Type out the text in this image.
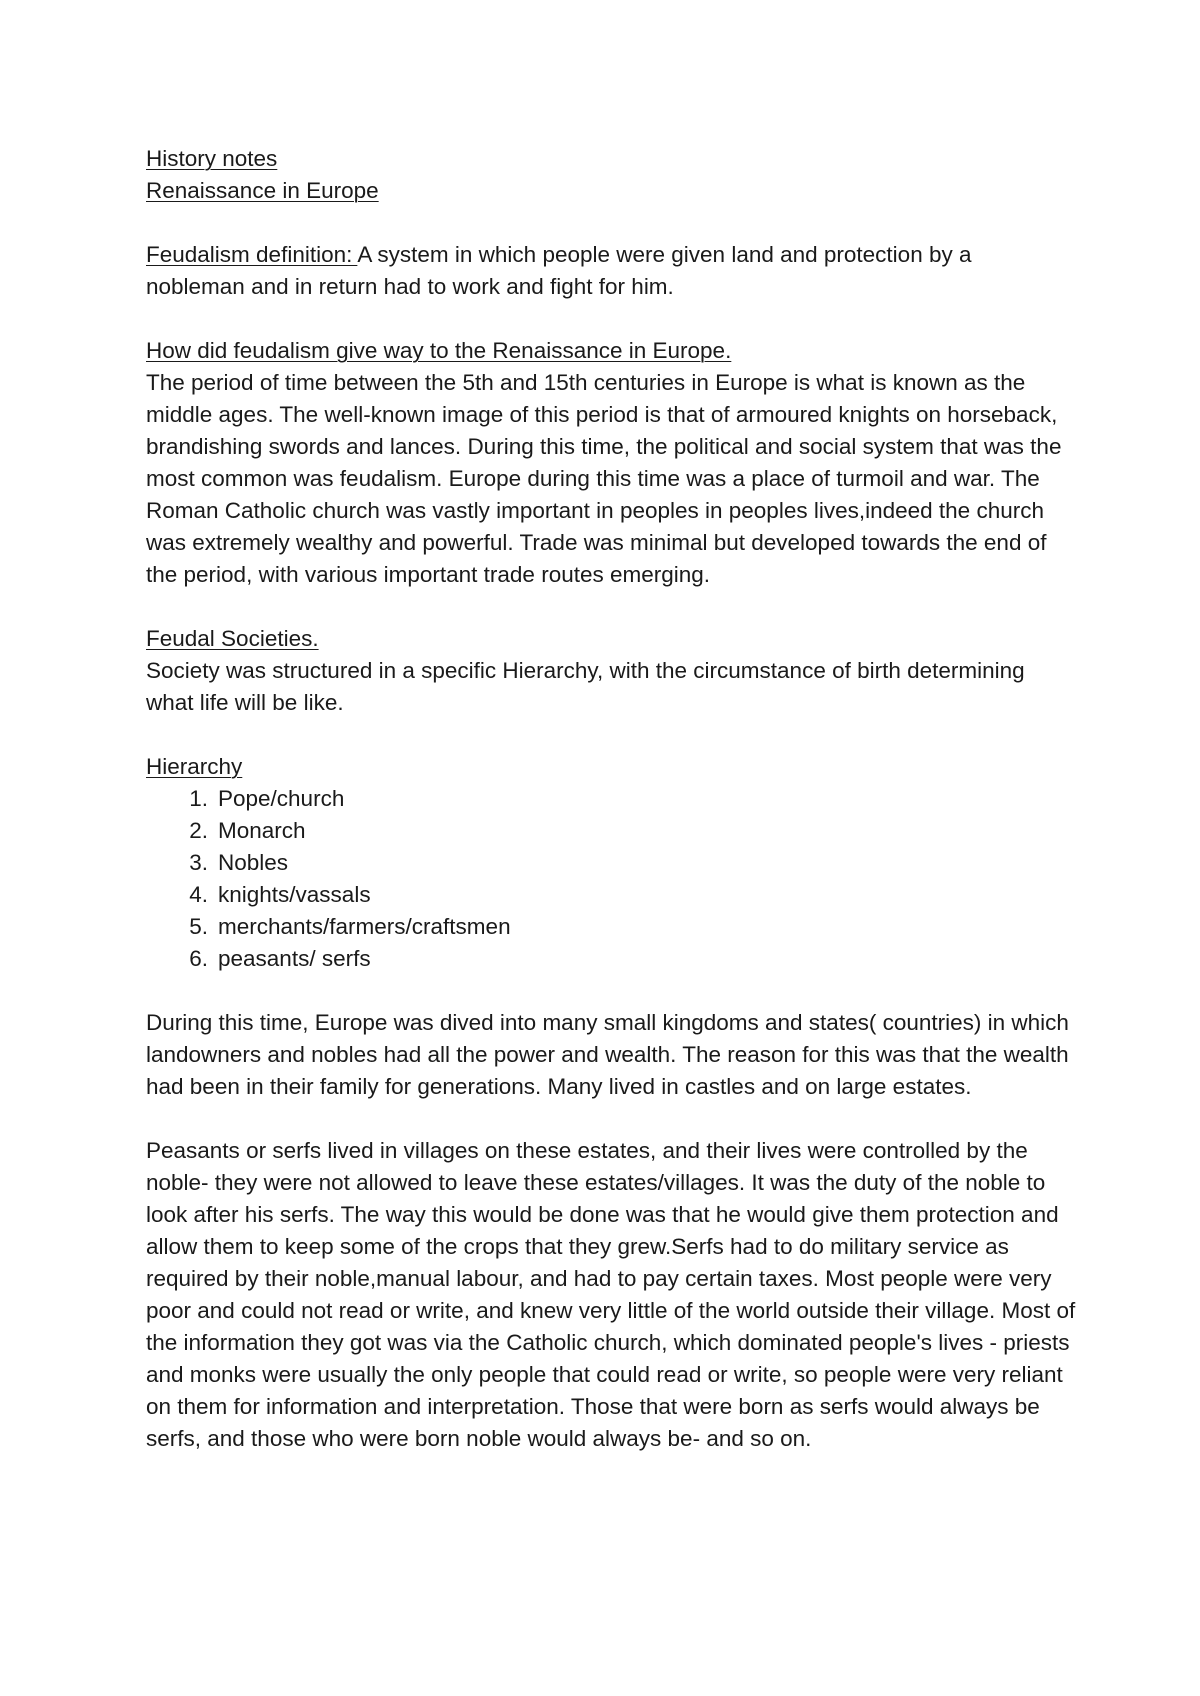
History notes
Renaissance in Europe

Feudalism definition: A system in which people were given land and protection by a nobleman and in return had to work and fight for him.

How did feudalism give way to the Renaissance in Europe.

The period of time between the 5th and 15th centuries in Europe is what is known as the middle ages. The well-known image of this period is that of armoured knights on horseback, brandishing swords and lances. During this time, the political and social system that was the most common was feudalism. Europe during this time was a place of turmoil and war. The Roman Catholic church was vastly important in peoples in peoples lives,indeed the church was extremely wealthy and powerful. Trade was minimal but developed towards the end of the period, with various important trade routes emerging.

Feudal Societies.

Society was structured in a specific Hierarchy, with the circumstance of birth determining what life will be like.

Hierarchy
1. Pope/church
2. Monarch
3. Nobles
4. knights/vassals
5. merchants/farmers/craftsmen
6. peasants/ serfs

During this time, Europe was dived into many small kingdoms and states( countries) in which landowners and nobles had all the power and wealth. The reason for this was that the wealth had been in their family for generations. Many lived in castles and on large estates.

Peasants or serfs lived in villages on these estates, and their lives were controlled by the noble- they were not allowed to leave these estates/villages. It was the duty of the noble to look after his serfs. The way this would be done was that he would give them protection and allow them to keep some of the crops that they grew.Serfs had to do military service as required by their noble,manual labour, and had to pay certain taxes. Most people were very poor and could not read or write, and knew very little of the world outside their village. Most of the information they got was via the Catholic church, which dominated people's lives - priests and monks were usually the only people that could read or write, so people were very reliant on them for information and interpretation. Those that were born as serfs would always be serfs, and those who were born noble would always be- and so on.
